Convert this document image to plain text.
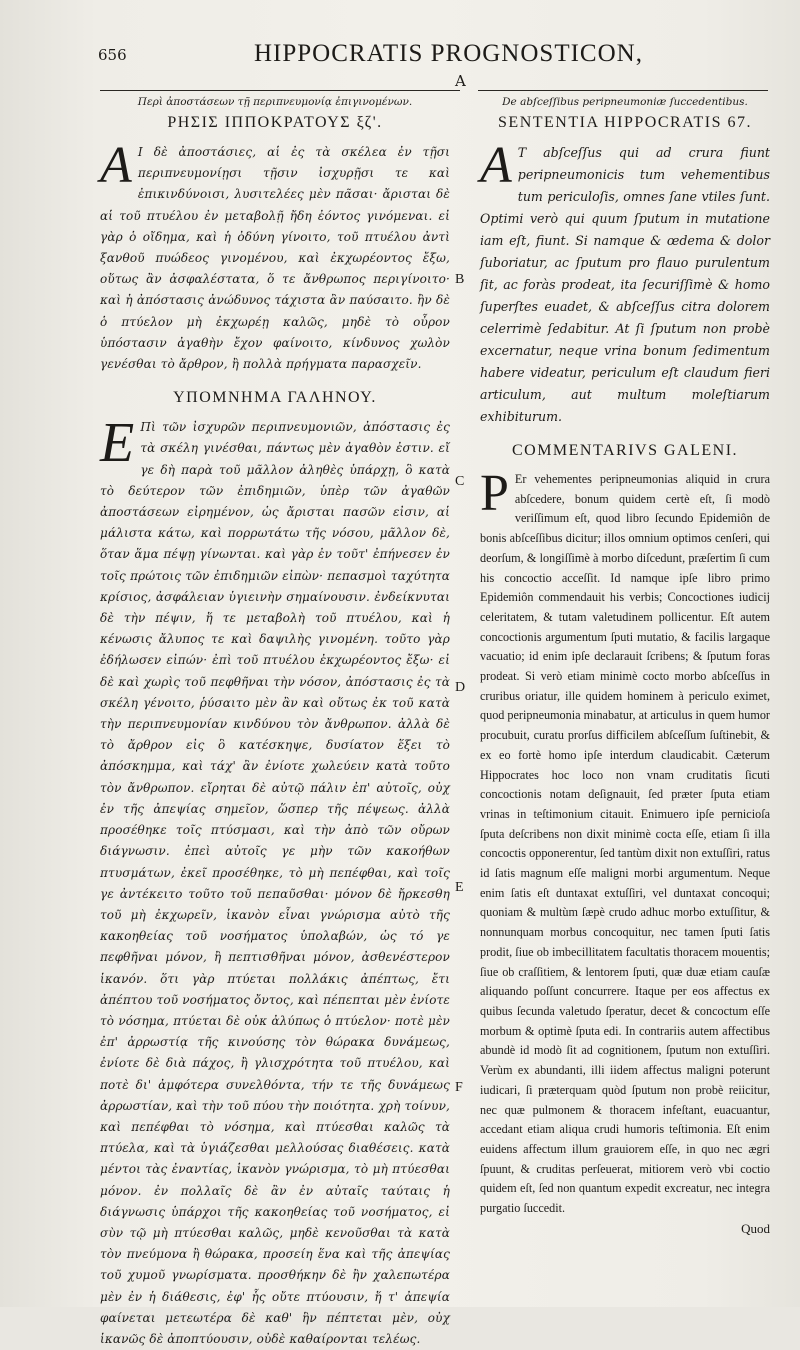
656	HIPPOCRATIS PROGNOSTICON,
A

Περὶ ἀποστάσεων τῇ περιπνευμονίᾳ ἐπιγινομένων.

ΡΗΣΙΣ ΙΠΠΟΚΡΑΤΟΥΣ ξζ'.

Α Ι δὲ ἀποστάσιες, αἱ ἐς τὰ σκέλεα ἐν τῇσι περιπνευμονίῃσι τῇσιν ἰσχυρῇσι τε καὶ ἐπικινδύνοισι, λυσιτελέες μὲν πᾶσαι· ἄρισται δὲ αἱ τοῦ πτυέλου ἐν μεταβολῇ ἤδη ἐόντος γινόμεναι. εἰ γὰρ ὁ οἴδημα, καὶ ἡ ὀδύνη γίνοιτο, τοῦ πτυέλου ἀντὶ ξανθοῦ πυώδεος γινομένου, καὶ ἐκχωρέοντος ἔξω, οὕτως ἂν ἀσφαλέστατα, ὅ τε ἄνθρωπος περιγίνοιτο· καὶ ἡ ἀπόστασις ἀνώδυνος τάχιστα ἂν παύσαιτο. ἢν δὲ ὁ πτύελον μὴ ἐκχωρέῃ καλῶς, μηδὲ τὸ οὖρον ὑπόστασιν ἀγαθὴν ἔχον φαίνοιτο, κίνδυνος χωλὸν γενέσθαι τὸ ἄρθρον, ἢ πολλὰ πρήγματα παρασχεῖν.

ΥΠΟΜΝΗΜΑ ΓΑΛΗΝΟΥ.

Ε Πὶ τῶν ἰσχυρῶν περιπνευμονιῶν, ἀπόστασις ἐς τὰ σκέλη γινέσθαι, πάντως μὲν ἀγαθὸν ἐστιν. εἴ γε δὴ παρὰ τοῦ μᾶλλον ἀληθὲς ὑπάρχῃ, ὃ κατὰ τὸ δεύτερον τῶν ἐπιδημιῶν, ὑπὲρ τῶν ἀγαθῶν ἀποστάσεων εἰρημένον, ὡς ἄρισται πασῶν εἰσιν, αἱ μάλιστα κάτω, καὶ πορρωτάτω τῆς νόσου, μᾶλλον δὲ, ὅταν ἅμα πέψῃ γίνωνται. καὶ γὰρ ἐν τοῦτ' ἐπήνεσεν ἐν τοῖς πρώτοις τῶν ἐπιδημιῶν εἰπὼν· πεπασμοὶ ταχύτητα κρίσιος, ἀσφάλειαν ὑγιεινὴν σημαίνουσιν. ἐνδείκνυται δὲ τὴν πέψιν, ἥ τε μεταβολὴ τοῦ πτυέλου, καὶ ἡ κένωσις ἄλυπος τε καὶ δαψιλὴς γινομένη. τοῦτο γὰρ ἐδήλωσεν εἰπών· ἐπὶ τοῦ πτυέλου ἐκχωρέοντος ἔξω· εἰ δὲ καὶ χωρὶς τοῦ πεφθῆναι τὴν νόσον, ἀπόστασις ἐς τὰ σκέλη γένοιτο, ῥύσαιτο μὲν ἂν καὶ οὕτως ἐκ τοῦ κατὰ τὴν περιπνευμονίαν κινδύνου τὸν ἄνθρωπον. ἀλλὰ δὲ τὸ ἄρθρον εἰς ὃ κατέσκηψε, δυσίατον ἕξει τὸ ἀπόσκημμα, καὶ τάχ' ἂν ἐνίοτε χωλεύειν κατὰ τοῦτο τὸν ἄνθρωπον. εἴρηται δὲ αὐτῷ πάλιν ἐπ' αὐτοῖς, οὐχ ἐν τῆς ἀπεψίας σημεῖον, ὥσπερ τῆς πέψεως. ἀλλὰ προσέθηκε τοῖς πτύσμασι, καὶ τὴν ἀπὸ τῶν οὔρων διάγνωσιν. ἐπεὶ αὐτοῖς γε μὴν τῶν κακοήθων πτυσμάτων, ἐκεῖ προσέθηκε, τὸ μὴ πεπέφθαι, καὶ τοῖς γε ἀντέκειτο τοῦτο τοῦ πεπαῦσθαι· μόνον δὲ ἤρκεσθη τοῦ μὴ ἐκχωρεῖν, ἱκανὸν εἶναι γνώρισμα αὐτὸ τῆς κακοηθείας τοῦ νοσήματος ὑπολαβών, ὡς τό γε πεφθῆναι μόνον, ἢ πεπτισθῆναι μόνον, ἀσθενέστερον ἱκανόν. ὅτι γὰρ πτύεται πολλάκις ἀπέπτως, ἔτι ἀπέπτου τοῦ νοσήματος ὄντος, καὶ πέπεπται μὲν ἐνίοτε τὸ νόσημα, πτύεται δὲ οὐκ ἀλύπως ὁ πτύελον· ποτὲ μὲν ἐπ' ἀρρωστίᾳ τῆς κινούσης τὸν θώρακα δυνάμεως, ἐνίοτε δὲ διὰ πάχος, ἢ γλισχρότητα τοῦ πτυέλου, καὶ ποτὲ δι' ἀμφότερα συνελθόντα, τήν τε τῆς δυνάμεως ἀρρωστίαν, καὶ τὴν τοῦ πύου τὴν ποιότητα. χρὴ τοίνυν, καὶ πεπέφθαι τὸ νόσημα, καὶ πτύεσθαι καλῶς τὰ πτύελα, καὶ τὰ ὑγιάζεσθαι μελλούσας διαθέσεις. κατὰ μέντοι τὰς ἐναντίας, ἱκανὸν γνώρισμα, τὸ μὴ πτύεσθαι μόνον. ἐν πολλαῖς δὲ ἂν ἐν αὐταῖς ταύταις ἡ διάγνωσις ὑπάρχοι τῆς κακοηθείας τοῦ νοσήματος, εἰ σὺν τῷ μὴ πτύεσθαι καλῶς, μηδὲ κενοῦσθαι τὰ κατὰ τὸν πνεύμονα ἢ θώρακα, προσείη ἕνα καὶ τῆς ἀπεψίας τοῦ χυμοῦ γνωρίσματα. προσθήκην δὲ ἢν χαλεπωτέρα μὲν ἐν ἡ διάθεσις, ἐφ' ἧς οὔτε πτύουσιν, ἥ τ' ἀπεψία φαίνεται μετεωτέρα δὲ καθ' ἣν πέπτεται μὲν, οὐχ ἱκανῶς δὲ ἀποπτύουσιν, οὐδὲ καθαίρονται τελέως.

B
C
D
E
F

De abſceſſibus peripneumoniæ ſuccedentibus.

SENTENTIA HIPPOCRATIS 67.

A T abſceſſus qui ad crura fiunt peripneumonicis tum vehementibus tum periculoſis, omnes ſane vtiles ſunt. Optimi verò qui quum ſputum in mutatione iam eſt, fiunt. Si namque & œdema & dolor ſuboriatur, ac ſputum pro flauo purulentum ſit, ac foràs prodeat, ita ſecuriſſimè & homo ſuperſtes euadet, & abſceſſus citra dolorem celerrimè ſedabitur. At ſi ſputum non probè excernatur, neque vrina bonum ſedimentum habere videatur, periculum eſt claudum fieri articulum, aut multum moleſtiarum exhibiturum.

COMMENTARIVS GALENI.

P Er vehementes peripneumonias aliquid in crura abſcedere, bonum quidem certè eſt, ſi modò veriſſimum eſt, quod libro ſecundo Epidemiôn de bonis abſceſſibus dicitur; illos omnium optimos cenſeri, qui deorſum, & longiſſimè à morbo diſcedunt, præſertim ſi cum his concoctio acceſſit. Id namque ipſe libro primo Epidemiôn commendauit his verbis; Concoctiones iudicij celeritatem, & tutam valetudinem pollicentur. Eſt autem concoctionis argumentum ſputi mutatio, & facilis largaque vacuatio; id enim ipſe declarauit ſcribens; & ſputum foras prodeat. Si verò etiam minimè cocto morbo abſceſſus in cruribus oriatur, ille quidem hominem à periculo eximet, quod peripneumonia minabatur, at articulus in quem humor procubuit, curatu prorſus difficilem abſceſſum ſuſtinebit, & ex eo fortè homo ipſe interdum claudicabit. Cæterum Hippocrates hoc loco non vnam cruditatis ſicuti concoctionis notam deſignauit, ſed præter ſputa etiam vrinas in teſtimonium citauit. Enimuero ipſe pernicioſa ſputa deſcribens non dixit minimè cocta eſſe, etiam ſi illa concoctis opponerentur, ſed tantùm dixit non extuſſiri, ratus id ſatis magnum eſſe maligni morbi argumentum. Neque enim ſatis eſt duntaxat extuſſiri, vel duntaxat concoqui; quoniam & multùm ſæpè crudo adhuc morbo extuſſitur, & nonnunquam morbus concoquitur, nec tamen ſputi ſatis prodit, ſiue ob imbecillitatem facultatis thoracem mouentis; ſiue ob craſſitiem, & lentorem ſputi, quæ duæ etiam cauſæ aliquando poſſunt concurrere. Itaque per eos affectus ex quibus ſecunda valetudo ſperatur, decet & concoctum eſſe morbum & optimè ſputa edi. In contrariis autem affectibus abundè id modò ſit ad cognitionem, ſputum non extuſſiri. Verùm ex abundanti, illi iidem affectus maligni poterunt iudicari, ſi præterquam quòd ſputum non probè reiicitur, nec quæ pulmonem & thoracem infeſtant, euacuantur, accedant etiam aliqua crudi humoris teſtimonia. Eſt enim euidens affectum illum grauiorem eſſe, in quo nec ægri ſpuunt, & cruditas perſeuerat, mitiorem verò vbi coctio quidem eſt, ſed non quantum expedit excreatur, nec integra purgatio ſuccedit.

Quod
